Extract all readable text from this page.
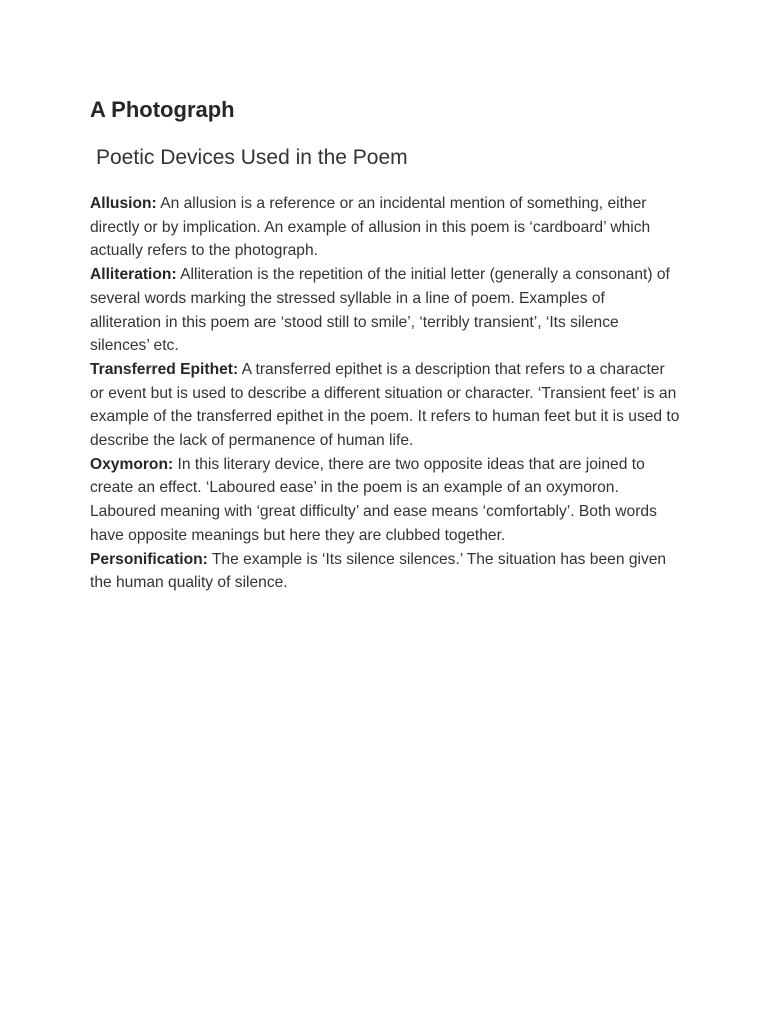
A Photograph
Poetic Devices Used in the Poem

Allusion: An allusion is a reference or an incidental mention of something, either directly or by implication. An example of allusion in this poem is ‘cardboard’ which actually refers to the photograph.

Alliteration: Alliteration is the repetition of the initial letter (generally a consonant) of several words marking the stressed syllable in a line of poem. Examples of alliteration in this poem are ‘stood still to smile’, ‘terribly transient’, ‘Its silence silences’ etc.

Transferred Epithet: A transferred epithet is a description that refers to a character or event but is used to describe a different situation or character. ‘Transient feet’ is an example of the transferred epithet in the poem. It refers to human feet but it is used to describe the lack of permanence of human life.

Oxymoron: In this literary device, there are two opposite ideas that are joined to create an effect. ‘Laboured ease’ in the poem is an example of an oxymoron. Laboured meaning with ‘great difficulty’ and ease means ‘comfortably’. Both words have opposite meanings but here they are clubbed together.

Personification: The example is ‘Its silence silences.’ The situation has been given the human quality of silence.
